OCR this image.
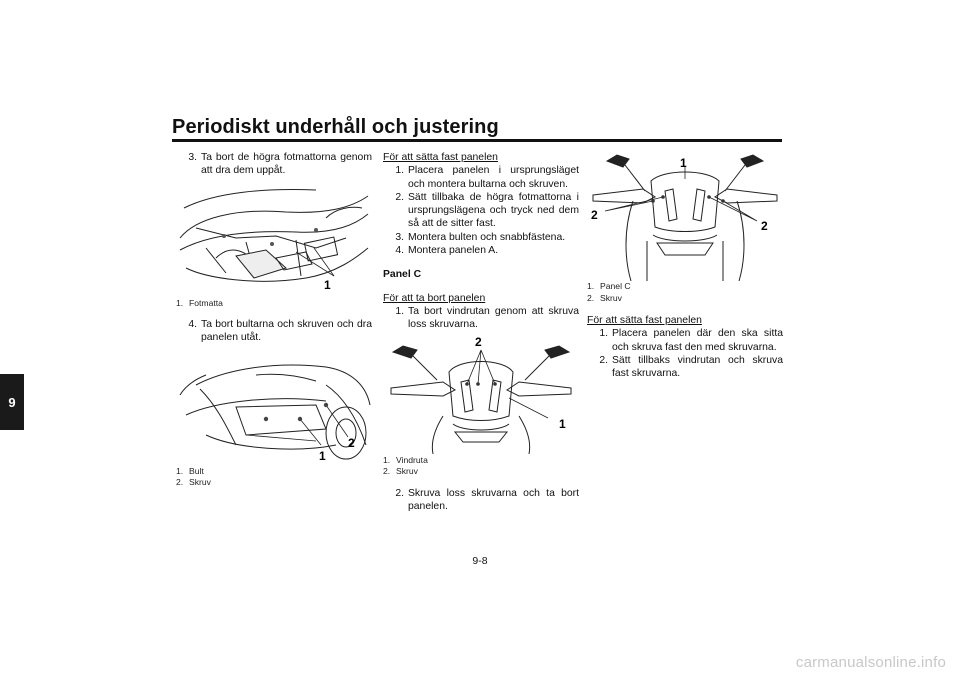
Periodiskt underhåll och justering
9
3. Ta bort de högra fotmattorna genom att dra dem uppåt.
1
1. Fotmatta
4. Ta bort bultarna och skruven och dra panelen utåt.
2
1
1. Bult
2. Skruv
För att sätta fast panelen
1. Placera panelen i ursprungsläget och montera bultarna och skruven.
2. Sätt tillbaka de högra fotmattorna i ursprungslägena och tryck ned dem så att de sitter fast.
3. Montera bulten och snabbfästena.
4. Montera panelen A.
Panel C
För att ta bort panelen
1. Ta bort vindrutan genom att skruva loss skruvarna.
2
1
1. Vindruta
2. Skruv
2. Skruva loss skruvarna och ta bort panelen.
1
2
2
1. Panel C
2. Skruv
För att sätta fast panelen
1. Placera panelen där den ska sitta och skruva fast den med skruvarna.
2. Sätt tillbaks vindrutan och skruva fast skruvarna.
9-8
carmanualsonline.info
